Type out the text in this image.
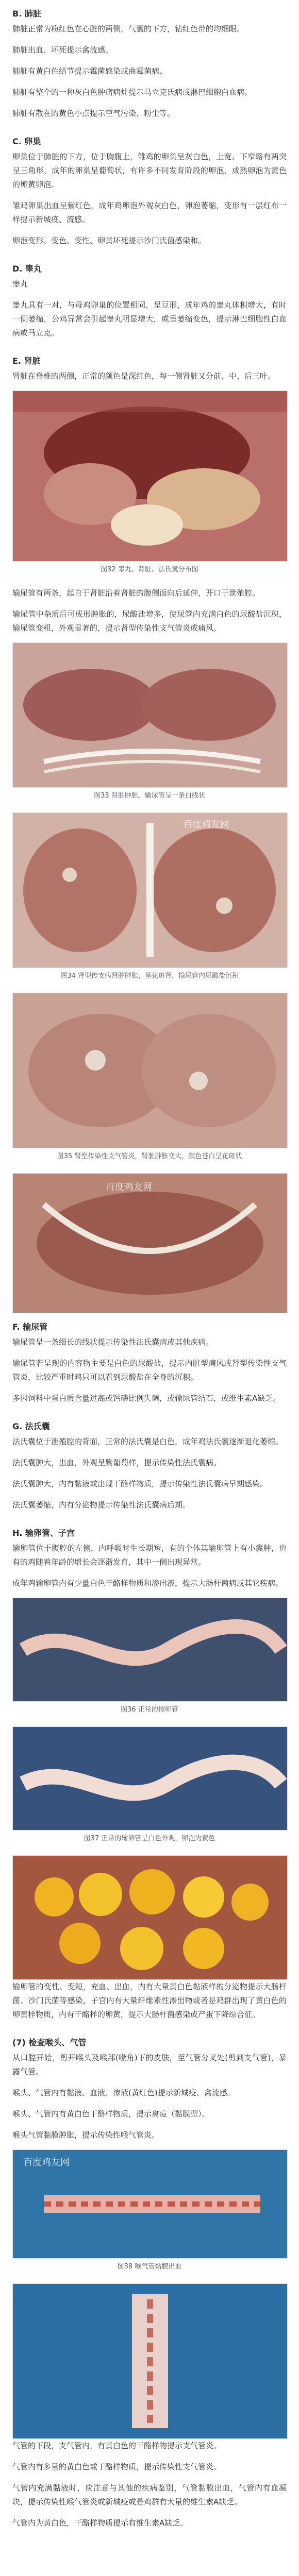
B. 肺脏

肺脏正常为粉红色在心脏的两侧，气囊的下方，钻红色带的均细眼。

肺脏出血、坏死提示禽流感。

肺脏有黄白色结节提示霉菌感染或曲霉菌病。

肺脏有整个的一种灰白色肿瘤病灶提示马立克氏病或淋巴细胞白血病。

肺脏有散在的黄色小点提示空气污染、粉尘等。

C. 卵巢

卵巢位于肺脏的下方，位于胸腹上，雏鸡的卵巢呈灰白色，上宽、下窄略有两突呈三角形，成年的卵巢呈葡萄状，有许多不同发育阶段的卵泡，成熟卵泡为黄色的卵黄卵泡。

雏鸡卵巢出血呈紫红色，成年鸡卵泡外观灰白色，卵泡萎缩，变形有一层红布一样提示新城疫、流感。

卵泡变形、变色、变性、卵黄坏死提示沙门氏菌感染和。

D. 睾丸

睾丸

睾丸具有一对，与母鸡卵巢的位置相同，呈豆形，成年鸡的睾丸体积增大，有时一侧萎缩，公鸡异常会引起睾丸明显增大，或呈萎缩变色，提示淋巴细胞性白血病或马立克。

E. 肾脏

肾脏在脊椎的两侧，正常的颜色是深红色，每一侧肾脏又分前、中、后三叶。

图32 睾丸、肾脏、法氏囊分布图

输尿管有两条，起自于肾脏沿着肾脏的腹侧面向后延伸，开口于泄殖腔。

输尿管中杂质后可成形肿胀的，尿酸盐增多，使尿管内充满白色的尿酸盐沉积，输尿管变粗，外观显著的，提示肾型传染性支气管炎或痛风。

图33 肾脏肿胀、输尿管呈一条白线状

百度鸡友网

图34 肾型传支病肾脏肿胀，呈花斑肾，输尿管内尿酸盐沉积

图35 肾型传染性支气管炎，肾脏肿胀变大，颜色苍白呈花斑状

百度鸡友网
F. 输尿管

输尿管呈一条细长的线状提示传染性法氏囊病或其他疾病。

输尿管若呈现的内容物主要是白色的尿酸盐，提示内脏型痛风或肾型传染性支气管炎，比较严重时鸡只可以看到尿酸盐在全身的沉积。

多因饲料中蛋白质含量过高或钙磷比例失调，或输尿管结石，或维生素A缺乏。

G. 法氏囊

法氏囊位于泄殖腔的背面，正常的法氏囊是白色，成年鸡法氏囊逐渐退化萎缩。

法氏囊肿大，出血，外观呈紫葡萄样，提示传染性法氏囊病。

法氏囊肿大，内有黏液或出现干酪样物质，提示传染性法氏囊病早期感染。

法氏囊萎缩，内有分泌物提示传染性法氏囊病后期。

H. 输卵管、子宫

输卵管位于腹腔的左侧，内呼吸时生长期短，有的个体其输卵管上有小囊肿，也有的鸡随着年龄的增长会逐渐发育，其中一侧出现异常。

成年鸡输卵管内有少量白色干酪样物质和渗出液，提示大肠杆菌病或其它疾病。

图36 正常的输卵管

图37 正常的输卵管呈白色外观，卵泡为黄色

输卵管的变性、变短，充血、出血，内有大量黄白色黏液样的分泌物提示大肠杆菌、沙门氏菌等感染，子宫内有大量纤维素性渗出物或者是鸡群出现了黄白色的卵黄样物质，内有干酪样的卵黄，提示大肠杆菌感染或产蛋下降综合征。

(7) 检查喉头、气管

从口腔开始，剪开喉头及喉部(喙角)下的皮肤，至气管分叉处(剪到支气管)，暴露气管。

喉头、气管内有黏液、血液、渗液(黄红色)提示新城疫、禽流感。

喉头、气管内有黄白色干酪样物质，提示禽痘（黏膜型）。

喉头气管黏膜肿胀，提示传染性喉气管炎。

百度鸡友网

图38 喉气管黏膜出血

气管的下段，支气管内，有黄白色的干酪样物提示支气管炎。

气管内有多量的黄白色或干酪样物质，提示传染性支气管炎。

气管内充满黏液时，应注意与其他的疾病鉴别，气管黏膜出血，气管内有血凝块，提示传染性喉气管炎或新城疫或是鸡群有大量的维生素A缺乏。

气管内为黄白色，干酪样物质提示有维生素A缺乏。
